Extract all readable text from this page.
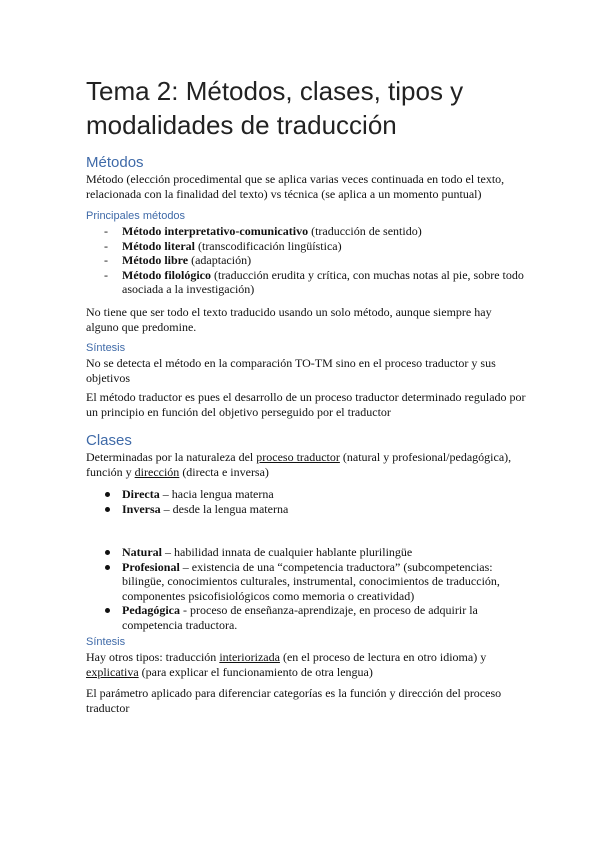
Tema 2: Métodos, clases, tipos y modalidades de traducción
Métodos

Método (elección procedimental que se aplica varias veces continuada en todo el texto, relacionada con la finalidad del texto) vs técnica (se aplica a un momento puntual)

Principales métodos
- Método interpretativo-comunicativo (traducción de sentido)
- Método literal (transcodificación lingüística)
- Método libre (adaptación)
- Método filológico (traducción erudita y crítica, con muchas notas al pie, sobre todo asociada a la investigación)

No tiene que ser todo el texto traducido usando un solo método, aunque siempre hay alguno que predomine.

Síntesis

No se detecta el método en la comparación TO-TM sino en el proceso traductor y sus objetivos

El método traductor es pues el desarrollo de un proceso traductor determinado regulado por un principio en función del objetivo perseguido por el traductor

Clases

Determinadas por la naturaleza del proceso traductor (natural y profesional/pedagógica), función y dirección (directa e inversa)

Directa – hacia lengua materna
Inversa – desde la lengua materna
Natural – habilidad innata de cualquier hablante plurilingüe
Profesional – existencia de una “competencia traductora” (subcompetencias: bilingüe, conocimientos culturales, instrumental, conocimientos de traducción, componentes psicofisiológicos como memoria o creatividad)
Pedagógica - proceso de enseñanza-aprendizaje, en proceso de adquirir la competencia traductora.
Síntesis

Hay otros tipos: traducción interiorizada (en el proceso de lectura en otro idioma) y explicativa (para explicar el funcionamiento de otra lengua)

El parámetro aplicado para diferenciar categorías es la función y dirección del proceso traductor
